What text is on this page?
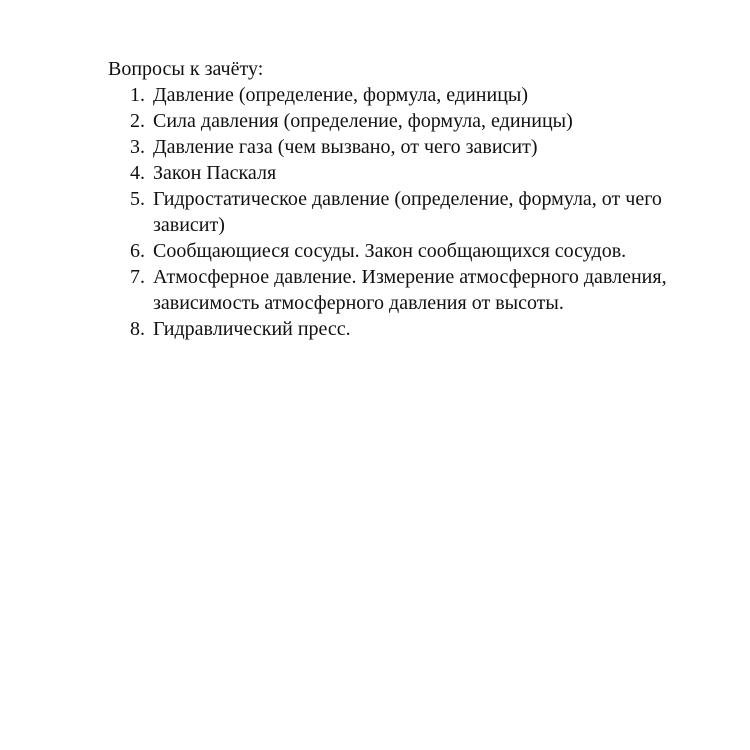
Вопросы к зачёту:

1. Давление (определение, формула, единицы)
2. Сила давления (определение, формула, единицы)
3. Давление газа (чем вызвано, от чего зависит)
4. Закон Паскаля
5. Гидростатическое давление (определение, формула, от чего зависит)
6. Сообщающиеся сосуды. Закон сообщающихся сосудов.
7. Атмосферное давление. Измерение атмосферного давления, зависимость атмосферного давления от высоты.
8. Гидравлический пресс.
